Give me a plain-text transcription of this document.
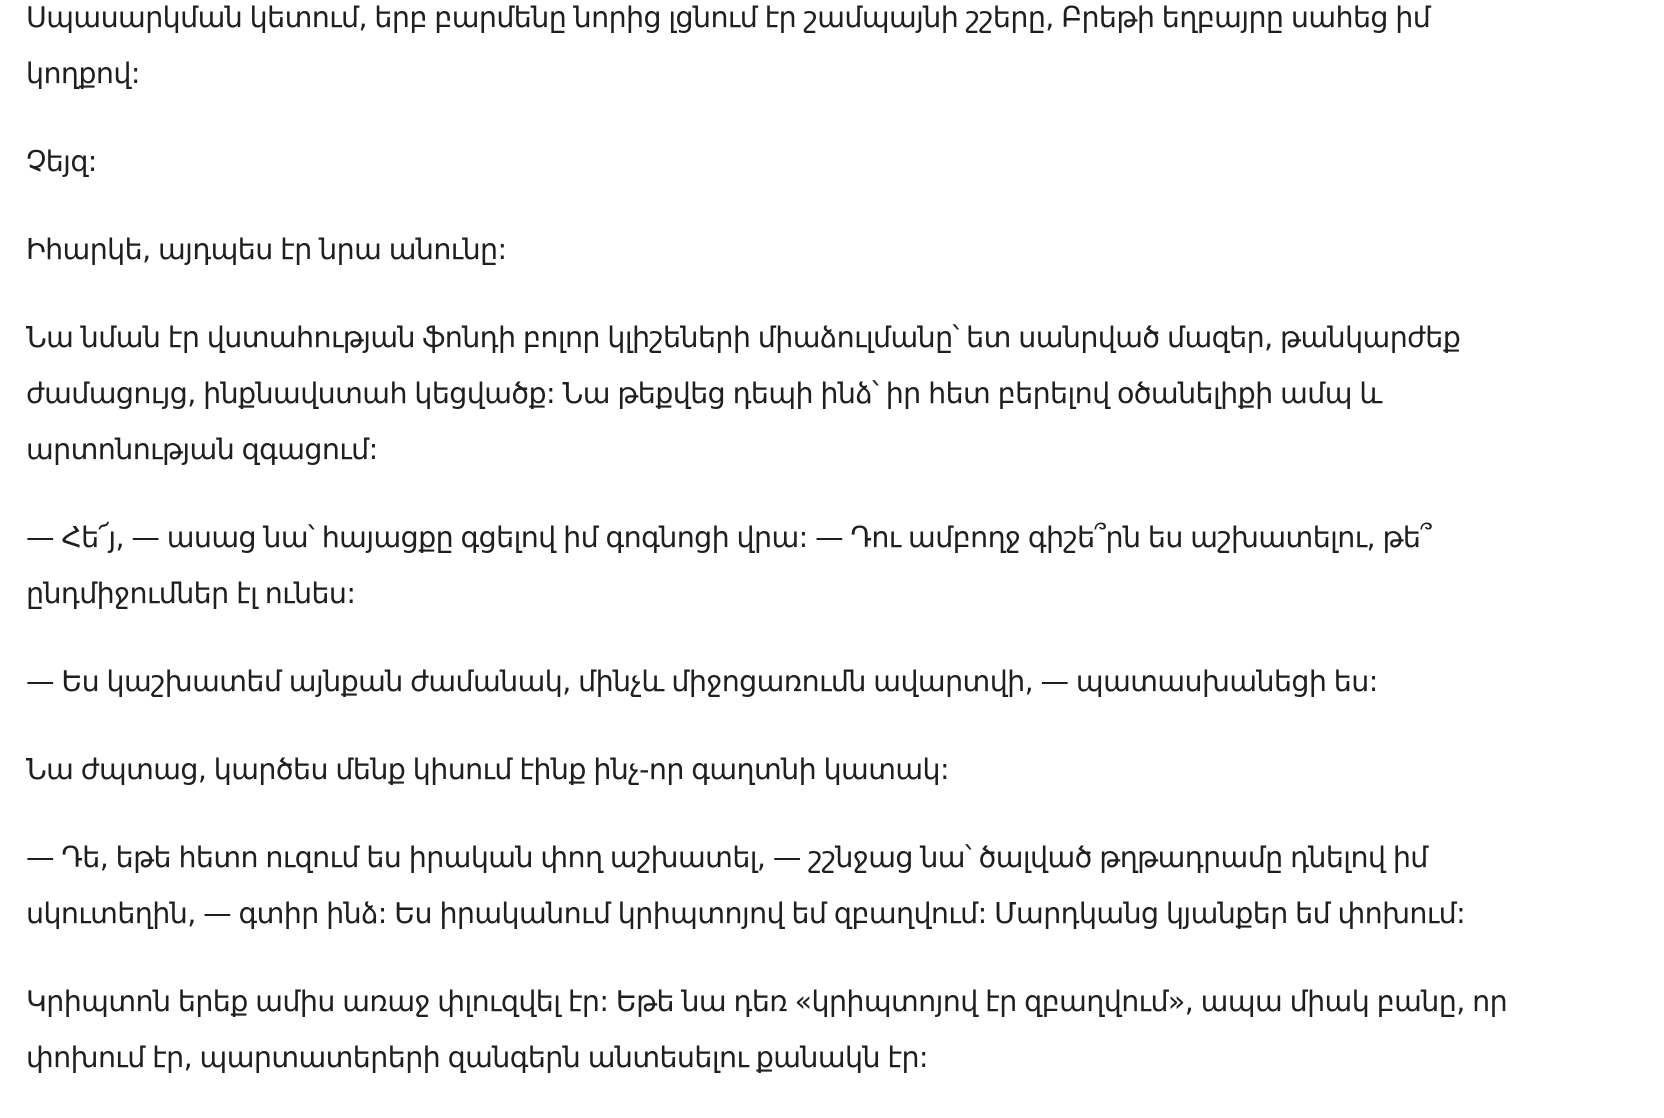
Սպասարկման կետում, երբ բարմենը նորից լցնում էր շամպայնի շշերը, Բրեթի եղբայրը սահեց իմ կողքով:

Չեյզ:

Իհարկե, այդպես էր նրա անունը:

Նա նման էր վստահության ֆոնդի բոլոր կլիշեների միաձուլմանը՝ ետ սանրված մազեր, թանկարժեք ժամացույց, ինքնավստահ կեցվածք: Նա թեքվեց դեպի ինձ՝ իր հետ բերելով օծանելիքի ամպ և արտոնության զգացում:

— Հե՜յ, — ասաց նա՝ հայացքը գցելով իմ գոգնոցի վրա: — Դու ամբողջ գիշե՞րն ես աշխատելու, թե՞ ընդմիջումներ էլ ունես:

— Ես կաշխատեմ այնքան ժամանակ, մինչև միջոցառումն ավարտվի, — պատասխանեցի ես:

Նա ժպտաց, կարծես մենք կիսում էինք ինչ-որ գաղտնի կատակ:

— Դե, եթե հետո ուզում ես իրական փող աշխատել, — շշնջաց նա՝ ծալված թղթադրամը դնելով իմ սկուտեղին, — գտիր ինձ: Ես իրականում կրիպտոյով եմ զբաղվում: Մարդկանց կյանքեր եմ փոխում:

Կրիպտոն երեք ամիս առաջ փլուզվել էր: Եթե նա դեռ «կրիպտոյով էր զբաղվում», ապա միակ բանը, որ փոխում էր, պարտատերերի զանգերն անտեսելու քանակն էր:
